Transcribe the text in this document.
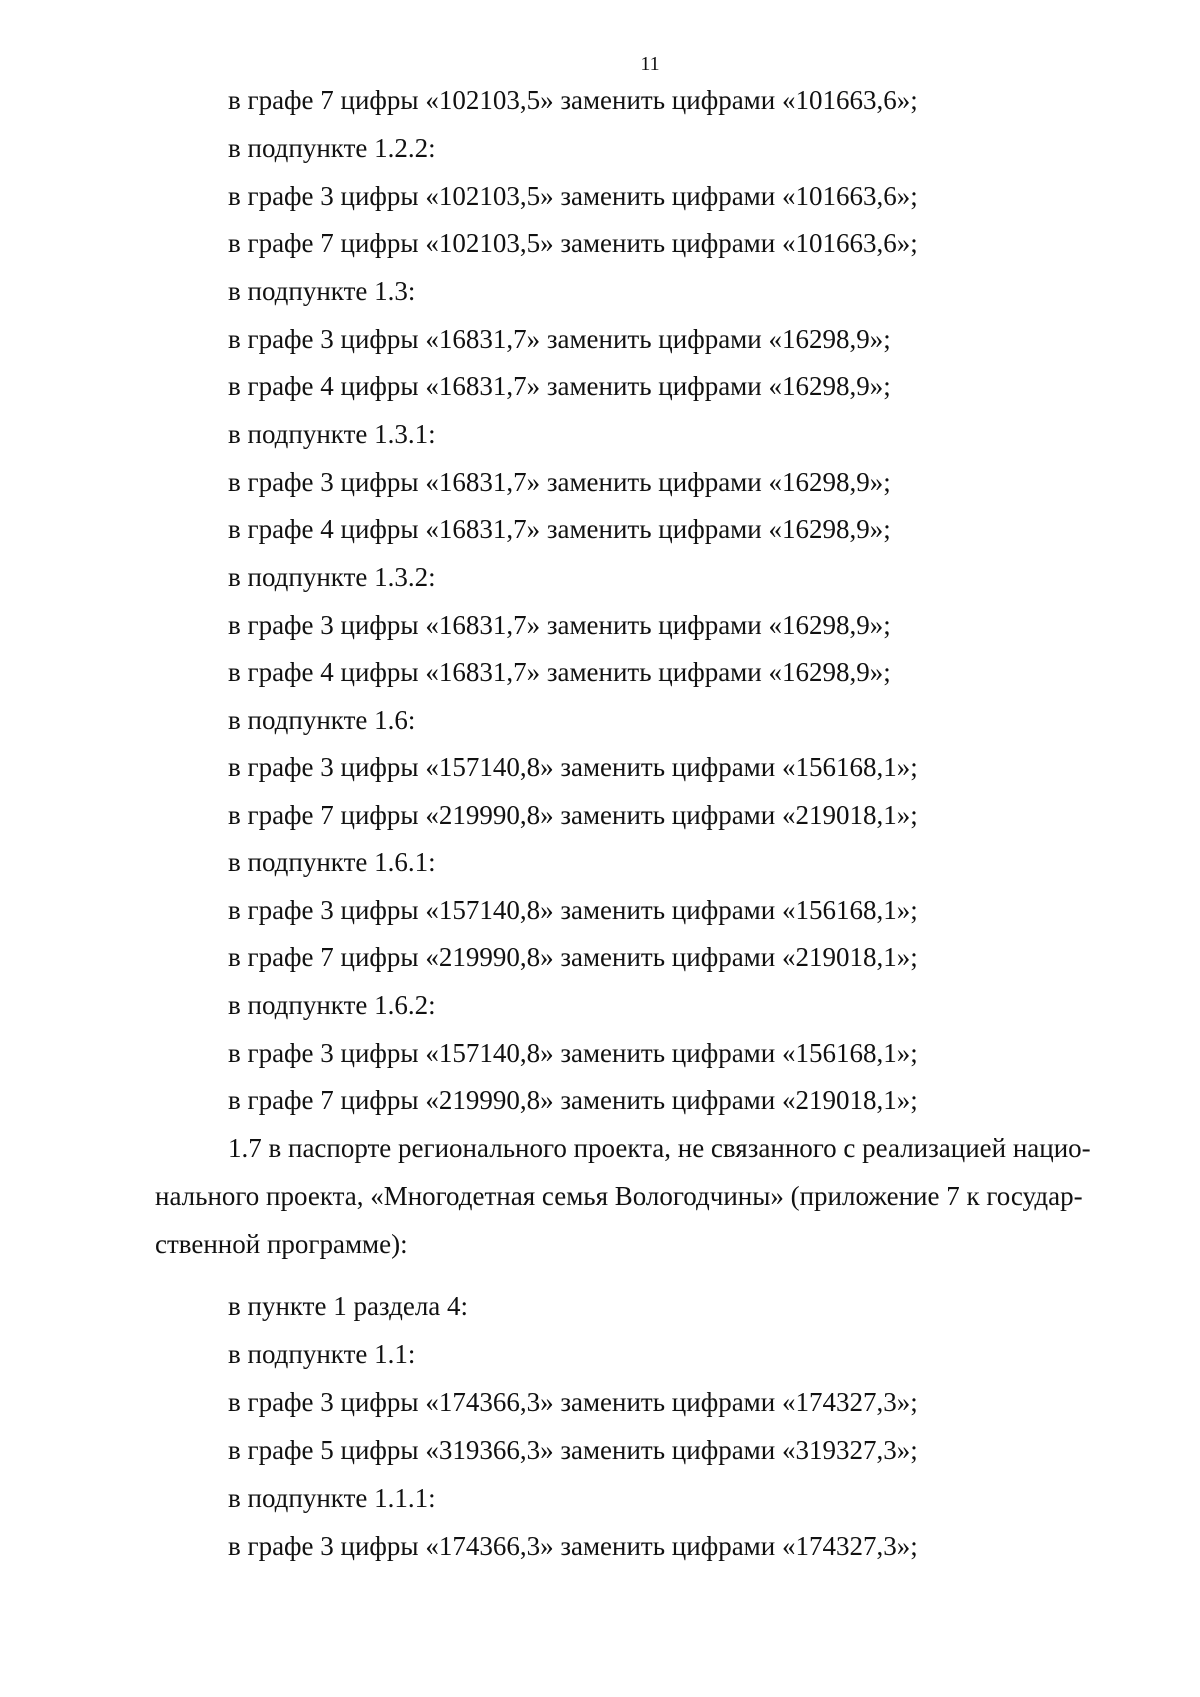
11
в графе 7 цифры «102103,5» заменить цифрами «101663,6»;
в подпункте 1.2.2:
в графе 3 цифры «102103,5» заменить цифрами «101663,6»;
в графе 7 цифры «102103,5» заменить цифрами «101663,6»;
в подпункте 1.3:
в графе 3 цифры «16831,7» заменить цифрами «16298,9»;
в графе 4 цифры «16831,7» заменить цифрами «16298,9»;
в подпункте 1.3.1:
в графе 3 цифры «16831,7» заменить цифрами «16298,9»;
в графе 4 цифры «16831,7» заменить цифрами «16298,9»;
в подпункте 1.3.2:
в графе 3 цифры «16831,7» заменить цифрами «16298,9»;
в графе 4 цифры «16831,7» заменить цифрами «16298,9»;
в подпункте 1.6:
в графе 3 цифры «157140,8» заменить цифрами «156168,1»;
в графе 7 цифры «219990,8» заменить цифрами «219018,1»;
в подпункте 1.6.1:
в графе 3 цифры «157140,8» заменить цифрами «156168,1»;
в графе 7 цифры «219990,8» заменить цифрами «219018,1»;
в подпункте 1.6.2:
в графе 3 цифры «157140,8» заменить цифрами «156168,1»;
в графе 7 цифры «219990,8» заменить цифрами «219018,1»;
1.7 в паспорте регионального проекта, не связанного с реализацией нацио-
нального проекта, «Многодетная семья Вологодчины» (приложение 7 к государ-
ственной программе):
в пункте 1 раздела 4:
в подпункте 1.1:
в графе 3 цифры «174366,3» заменить цифрами «174327,3»;
в графе 5 цифры «319366,3» заменить цифрами «319327,3»;
в подпункте 1.1.1:
в графе 3 цифры «174366,3» заменить цифрами «174327,3»;
